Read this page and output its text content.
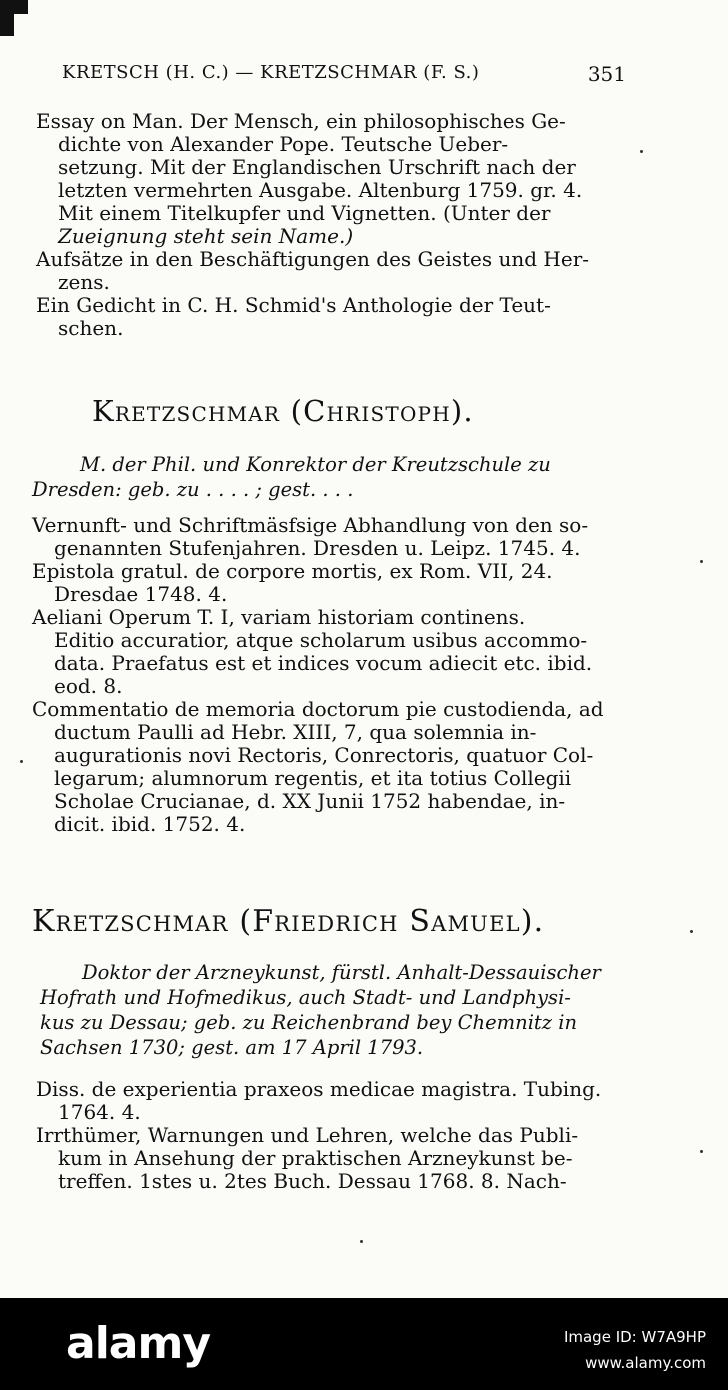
KRETSCH (H. C.) — KRETZSCHMAR (F. S.)	351
Essay on Man. Der Mensch, ein philosophisches Ge-
dichte von Alexander Pope. Teutsche Ueber-
setzung. Mit der Englandischen Urschrift nach der
letzten vermehrten Ausgabe. Altenburg 1759. gr. 4.
Mit einem Titelkupfer und Vignetten. (Unter der
Zueignung steht sein Name.)
Aufsätze in den Beschäftigungen des Geistes und Her-
zens.
Ein Gedicht in C. H. Schmid's Anthologie der Teut-
schen.
Kretzschmar (Christoph).
M. der Phil. und Konrektor der Kreutzschule zu
Dresden: geb. zu . . . . ; gest. . . .
Vernunft- und Schriftmäsfsige Abhandlung von den so-
genannten Stufenjahren. Dresden u. Leipz. 1745. 4.
Epistola gratul. de corpore mortis, ex Rom. VII, 24.
Dresdae 1748. 4.
Aeliani Operum T. I, variam historiam continens.
Editio accuratior, atque scholarum usibus accommo-
data. Praefatus est et indices vocum adiecit etc. ibid.
eod. 8.
Commentatio de memoria doctorum pie custodienda, ad
ductum Paulli ad Hebr. XIII, 7, qua solemnia in-
augurationis novi Rectoris, Conrectoris, quatuor Col-
legarum; alumnorum regentis, et ita totius Collegii
Scholae Crucianae, d. XX Junii 1752 habendae, in-
dicit. ibid. 1752. 4.
Kretzschmar (Friedrich Samuel).
Doktor der Arzneykunst, fürstl. Anhalt-Dessauischer
Hofrath und Hofmedikus, auch Stadt- und Landphysi-
kus zu Dessau; geb. zu Reichenbrand bey Chemnitz in
Sachsen 1730; gest. am 17 April 1793.
Diss. de experientia praxeos medicae magistra. Tubing.
1764. 4.
Irrthümer, Warnungen und Lehren, welche das Publi-
kum in Ansehung der praktischen Arzneykunst be-
treffen. 1stes u. 2tes Buch. Dessau 1768. 8. Nach-
alamy	Image ID: W7A9HP
www.alamy.com
